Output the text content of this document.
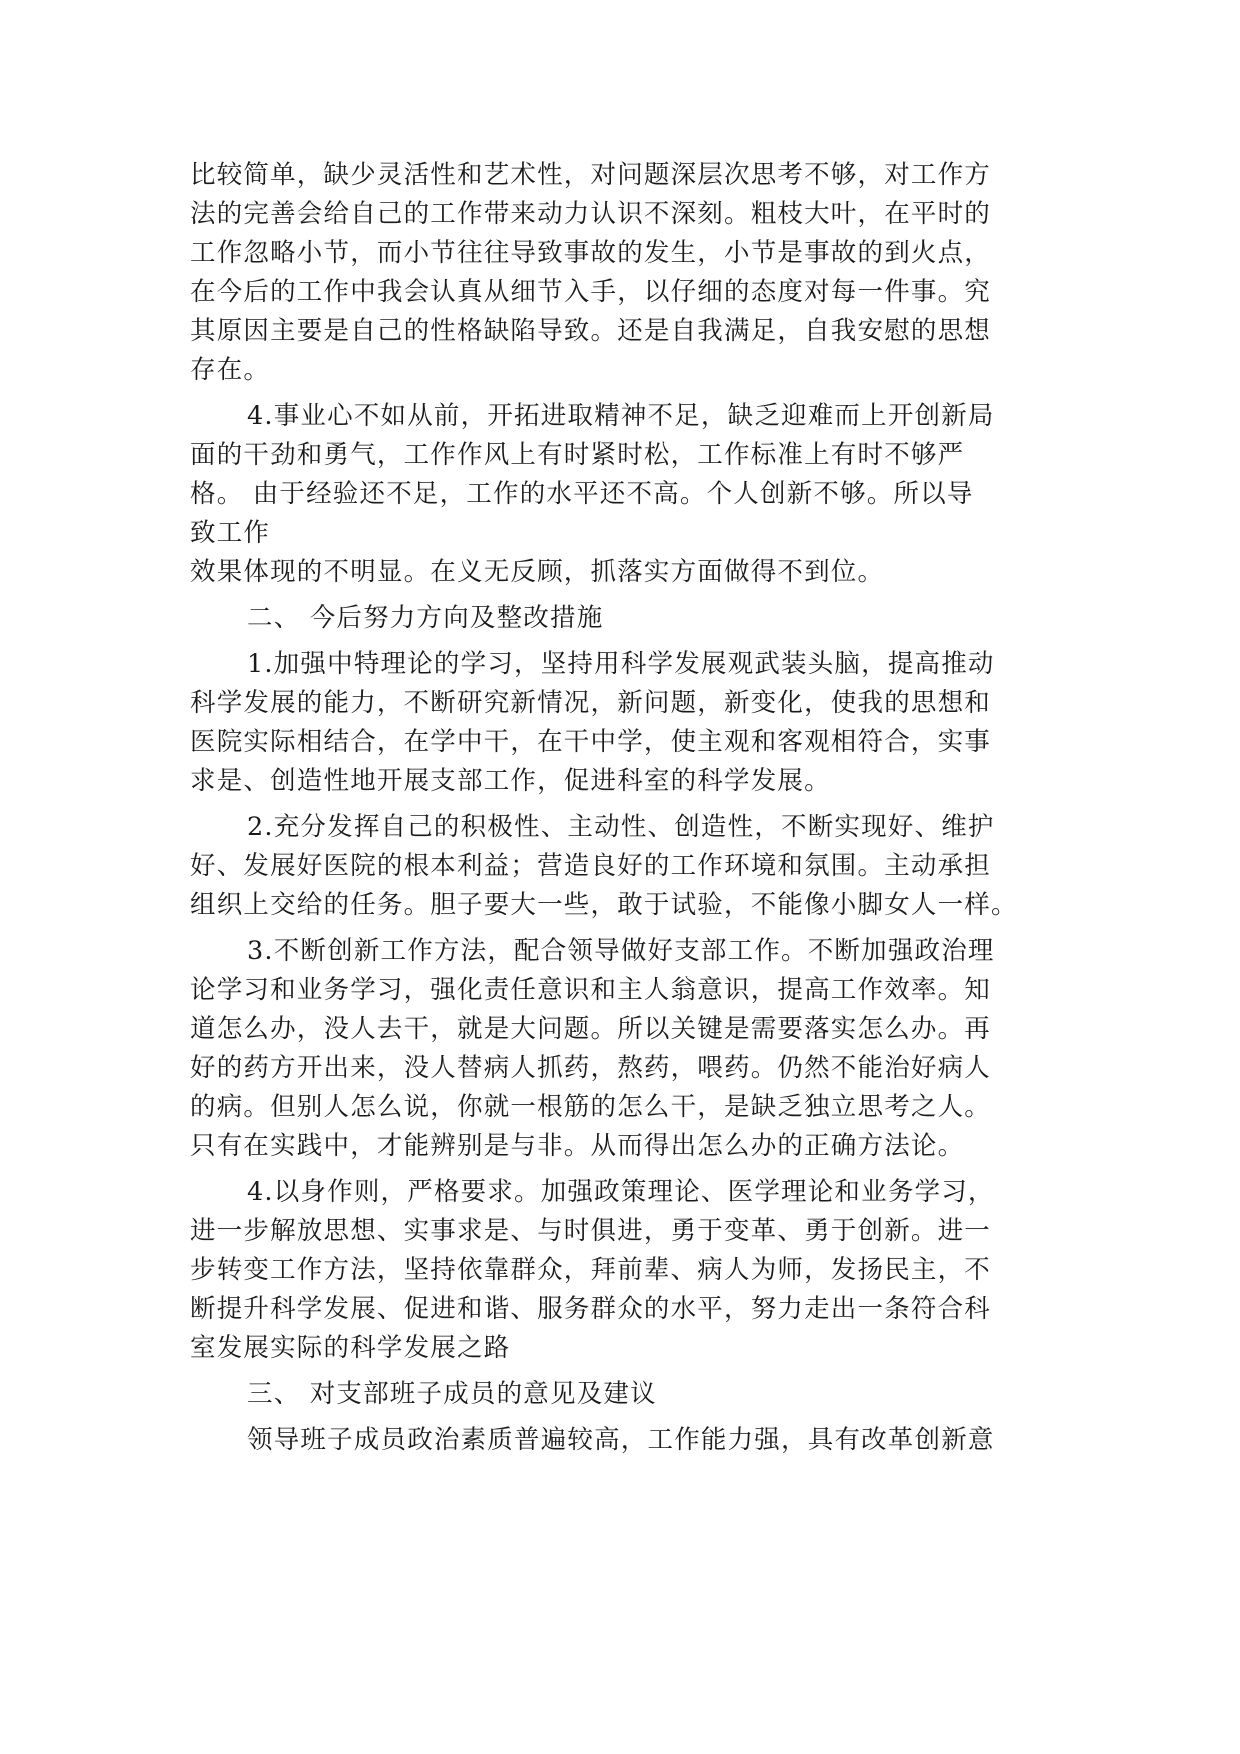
比较简单，缺少灵活性和艺术性，对问题深层次思考不够，对工作方
法的完善会给自己的工作带来动力认识不深刻。粗枝大叶，在平时的
工作忽略小节，而小节往往导致事故的发生，小节是事故的到火点，
在今后的工作中我会认真从细节入手，以仔细的态度对每一件事。究
其原因主要是自己的性格缺陷导致。还是自我满足，自我安慰的思想
存在。
4.事业心不如从前，开拓进取精神不足，缺乏迎难而上开创新局
面的干劲和勇气，工作作风上有时紧时松，工作标准上有时不够严
格。 由于经验还不足，工作的水平还不高。个人创新不够。所以导
致工作
效果体现的不明显。在义无反顾，抓落实方面做得不到位。
二、 今后努力方向及整改措施
1.加强中特理论的学习，坚持用科学发展观武装头脑，提高推动
科学发展的能力，不断研究新情况，新问题，新变化，使我的思想和
医院实际相结合，在学中干，在干中学，使主观和客观相符合，实事
求是、创造性地开展支部工作，促进科室的科学发展。
2.充分发挥自己的积极性、主动性、创造性，不断实现好、维护
好、发展好医院的根本利益；营造良好的工作环境和氛围。主动承担
组织上交给的任务。胆子要大一些，敢于试验，不能像小脚女人一样。
3.不断创新工作方法，配合领导做好支部工作。不断加强政治理
论学习和业务学习，强化责任意识和主人翁意识，提高工作效率。知
道怎么办，没人去干，就是大问题。所以关键是需要落实怎么办。再
好的药方开出来，没人替病人抓药，熬药，喂药。仍然不能治好病人
的病。但别人怎么说，你就一根筋的怎么干，是缺乏独立思考之人。
只有在实践中，才能辨别是与非。从而得出怎么办的正确方法论。
4.以身作则，严格要求。加强政策理论、医学理论和业务学习，
进一步解放思想、实事求是、与时俱进，勇于变革、勇于创新。进一
步转变工作方法，坚持依靠群众，拜前辈、病人为师，发扬民主，不
断提升科学发展、促进和谐、服务群众的水平，努力走出一条符合科
室发展实际的科学发展之路
三、 对支部班子成员的意见及建议
领导班子成员政治素质普遍较高，工作能力强，具有改革创新意
